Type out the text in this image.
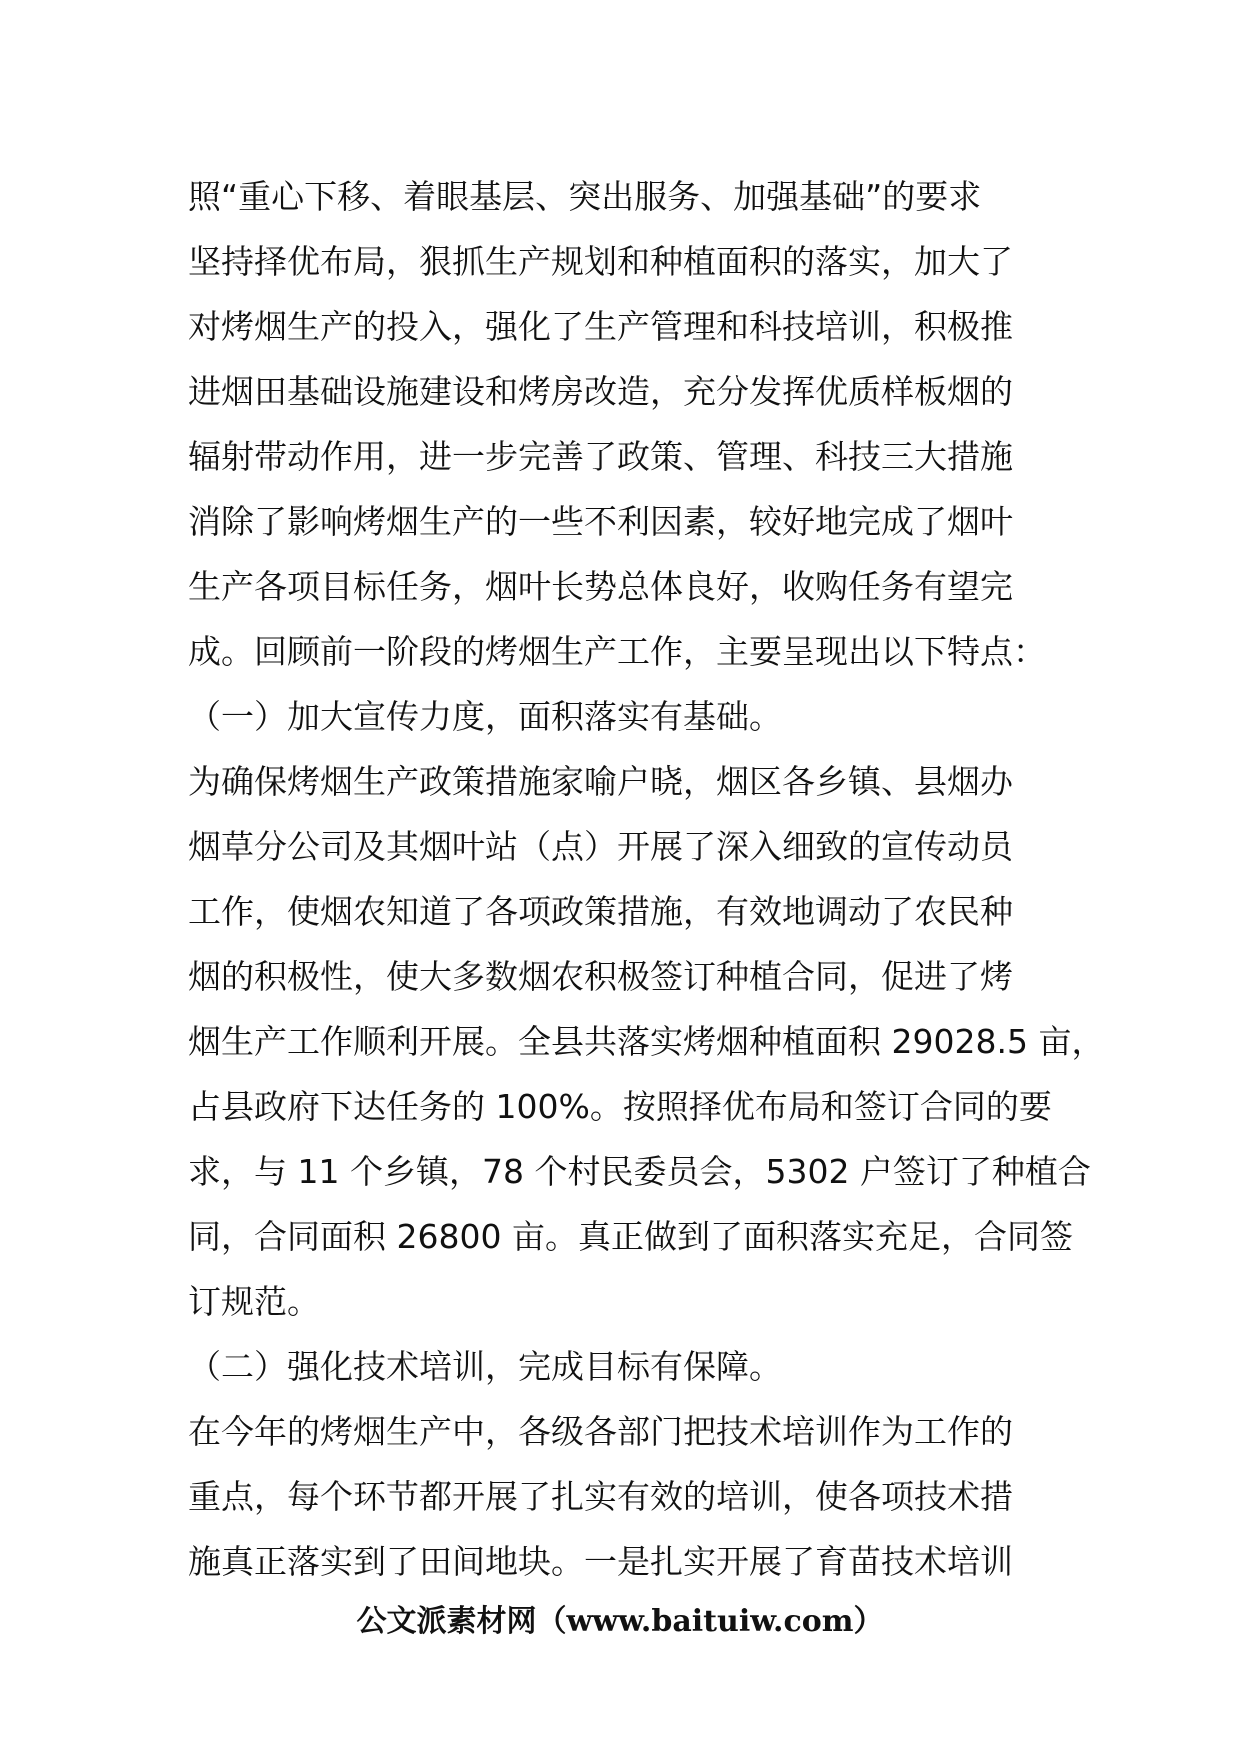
照“重心下移、着眼基层、突出服务、加强基础”的要求
坚持择优布局，狠抓生产规划和种植面积的落实，加大了
对烤烟生产的投入，强化了生产管理和科技培训，积极推
进烟田基础设施建设和烤房改造，充分发挥优质样板烟的
辐射带动作用，进一步完善了政策、管理、科技三大措施
消除了影响烤烟生产的一些不利因素，较好地完成了烟叶
生产各项目标任务，烟叶长势总体良好，收购任务有望完
成。回顾前一阶段的烤烟生产工作，主要呈现出以下特点：
（一）加大宣传力度，面积落实有基础。
为确保烤烟生产政策措施家喻户晓，烟区各乡镇、县烟办
烟草分公司及其烟叶站（点）开展了深入细致的宣传动员
工作，使烟农知道了各项政策措施，有效地调动了农民种
烟的积极性，使大多数烟农积极签订种植合同，促进了烤
烟生产工作顺利开展。全县共落实烤烟种植面积 29028.5 亩，
占县政府下达任务的 100%。按照择优布局和签订合同的要
求，与 11 个乡镇，78 个村民委员会，5302 户签订了种植合
同，合同面积 26800 亩。真正做到了面积落实充足，合同签
订规范。
（二）强化技术培训，完成目标有保障。
在今年的烤烟生产中，各级各部门把技术培训作为工作的
重点，每个环节都开展了扎实有效的培训，使各项技术措
施真正落实到了田间地块。一是扎实开展了育苗技术培训
公文派素材网（www.baituiw.com）
